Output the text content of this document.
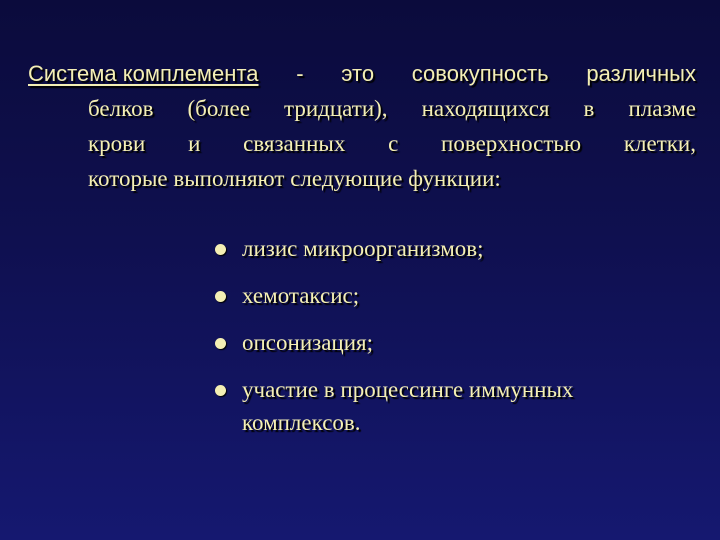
Система комплемента - это совокупность различных
белков (более тридцати), находящихся в плазме
крови и связанных с поверхностью клетки,
которые выполняют следующие функции:
лизис микроорганизмов;
хемотаксис;
опсонизация;
участие в процессинге иммунных комплексов.
